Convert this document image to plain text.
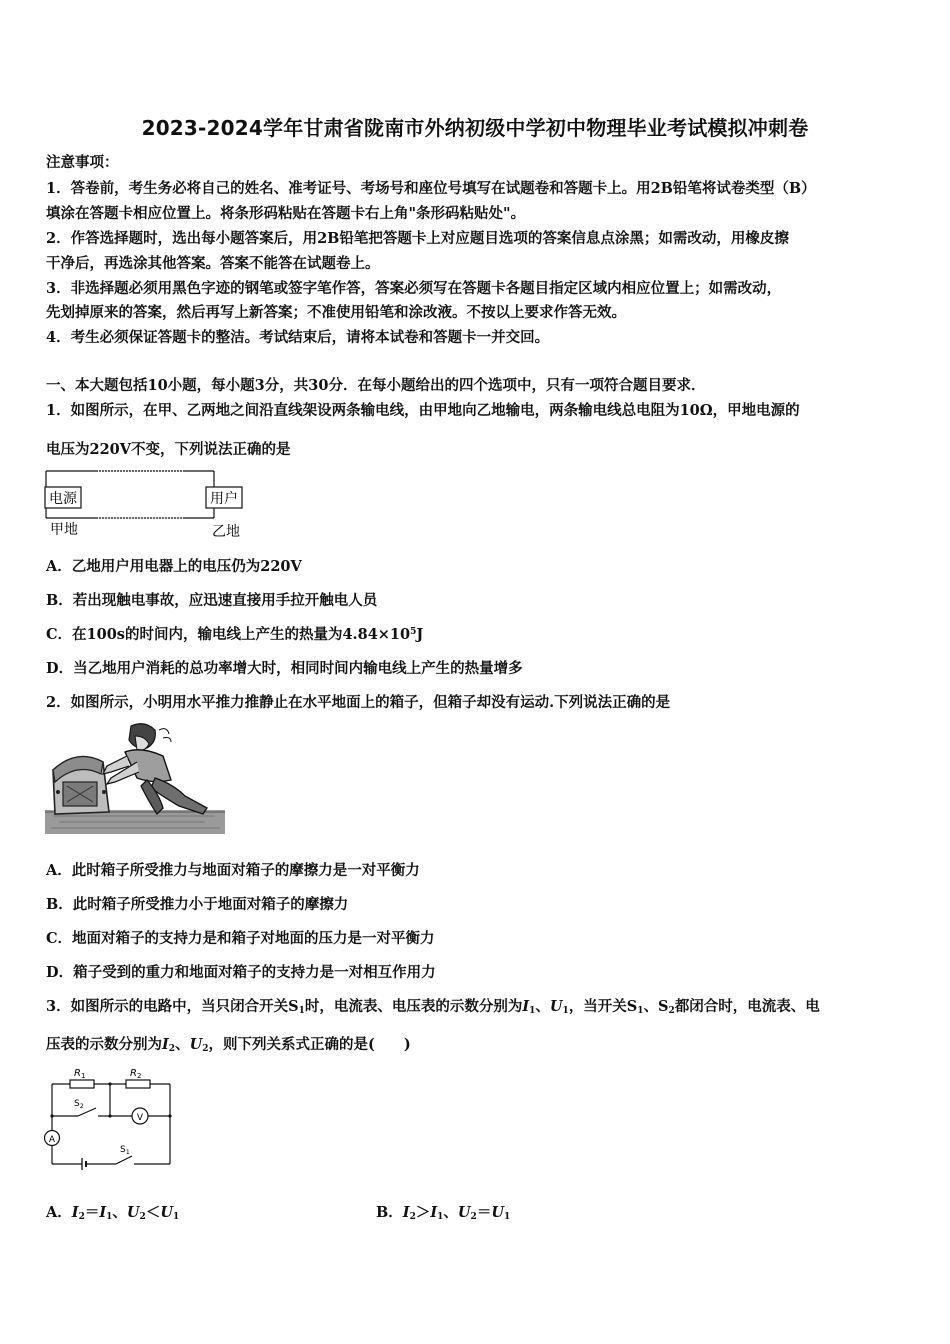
2023-2024学年甘肃省陇南市外纳初级中学初中物理毕业考试模拟冲刺卷
注意事项：
1．答卷前，考生务必将自己的姓名、准考证号、考场号和座位号填写在试题卷和答题卡上。用2B铅笔将试卷类型（B）
填涂在答题卡相应位置上。将条形码粘贴在答题卡右上角"条形码粘贴处"。
2．作答选择题时，选出每小题答案后，用2B铅笔把答题卡上对应题目选项的答案信息点涂黑；如需改动，用橡皮擦
干净后，再选涂其他答案。答案不能答在试题卷上。
3．非选择题必须用黑色字迹的钢笔或签字笔作答，答案必须写在答题卡各题目指定区域内相应位置上；如需改动，
先划掉原来的答案，然后再写上新答案；不准使用铅笔和涂改液。不按以上要求作答无效。
4．考生必须保证答题卡的整洁。考试结束后，请将本试卷和答题卡一并交回。
一、本大题包括10小题，每小题3分，共30分．在每小题给出的四个选项中，只有一项符合题目要求．
1．如图所示，在甲、乙两地之间沿直线架设两条输电线，由甲地向乙地输电，两条输电线总电阻为10Ω，甲地电源的
电压为220V不变，下列说法正确的是
电源	用户
甲地	乙地
A．乙地用户用电器上的电压仍为220V
B．若出现触电事故，应迅速直接用手拉开触电人员
C．在100s的时间内，输电线上产生的热量为$4.84\times 10^5J$
D．当乙地用户消耗的总功率增大时，相同时间内输电线上产生的热量增多
2．如图所示，小明用水平推力推静止在水平地面上的箱子，但箱子却没有运动.下列说法正确的是
A．此时箱子所受推力与地面对箱子的摩擦力是一对平衡力
B．此时箱子所受推力小于地面对箱子的摩擦力
C．地面对箱子的支持力是和箱子对地面的压力是一对平衡力
D．箱子受到的重力和地面对箱子的支持力是一对相互作用力
3．如图所示的电路中，当只闭合开关$S_1$时，电流表、电压表的示数分别为$I_1$、$U_1$，当开关$S_1$、$S_2$都闭合时，电流表、电
压表的示数分别为$I_2$、$U_2$，则下列关系式正确的是(　　)
$R_1$	$R_2$
A
$S_2$
V
$S_1$
A．$I_2=I_1$、$U_2<U_1$	B．$I_2>I_1$、$U_2=U_1$
